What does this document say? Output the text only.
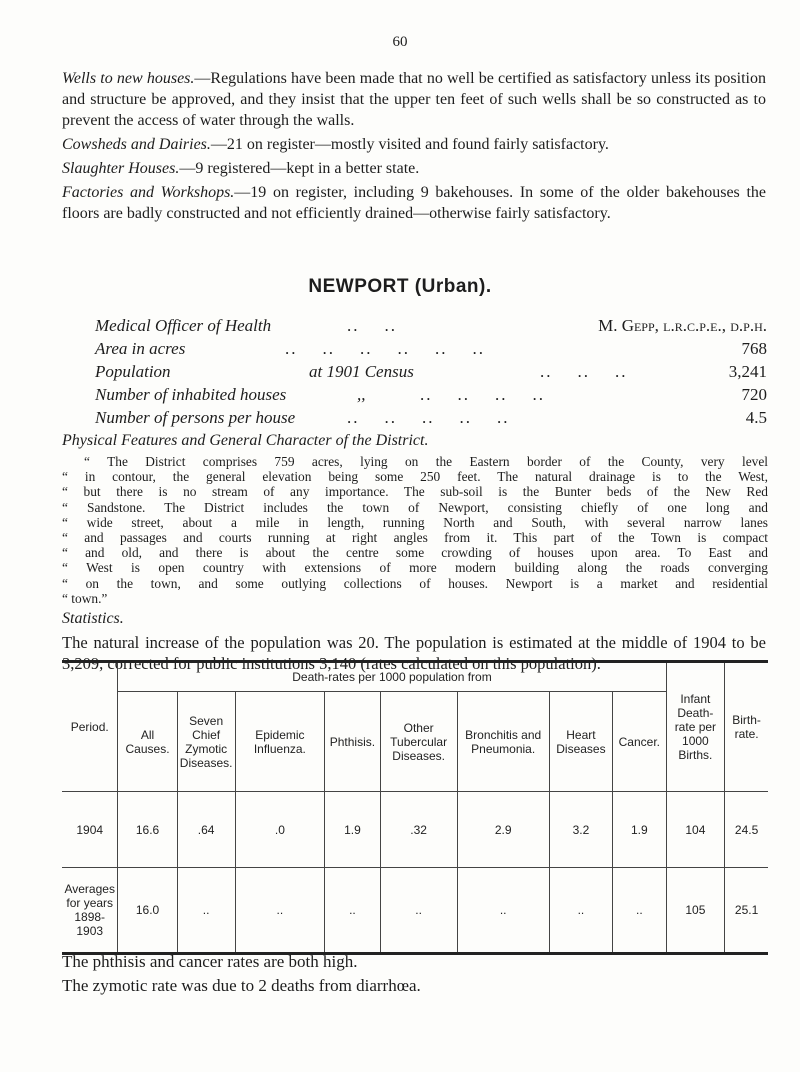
60
Wells to new houses.—Regulations have been made that no well be certified as satisfactory unless its position and structure be approved, and they insist that the upper ten feet of such wells shall be so constructed as to prevent the access of water through the walls.
Cowsheds and Dairies.—21 on register—mostly visited and found fairly satisfactory.
Slaughter Houses.—9 registered—kept in a better state.
Factories and Workshops.—19 on register, including 9 bakehouses. In some of the older bakehouses the floors are badly constructed and not efficiently drained—otherwise fairly satisfactory.
NEWPORT (Urban).
Medical Officer of Health	..    ..	M. Gepp, l.r.c.p.e., d.p.h.
Area in acres	..    ..    ..    ..    ..    ..	768
Population	at 1901 Census	..    ..    ..	3,241
Number of inhabited houses	,,	..    ..    ..    ..	720
Number of persons per house	..    ..    ..    ..    ..	4.5
Physical Features and General Character of the District.
“ The District comprises 759 acres, lying on the Eastern border of the County, very level
“ in contour, the general elevation being some 250 feet. The natural drainage is to the West,
“ but there is no stream of any importance. The sub-soil is the Bunter beds of the New Red
“ Sandstone. The District includes the town of Newport, consisting chiefly of one long and
“ wide street, about a mile in length, running North and South, with several narrow lanes
“ and passages and courts running at right angles from it. This part of the Town is compact
“ and old, and there is about the centre some crowding of houses upon area. To East and
“ West is open country with extensions of more modern building along the roads converging
“ on the town, and some outlying collections of houses. Newport is a market and residential
“ town.”
Statistics.
The natural increase of the population was 20. The population is estimated at the middle of 1904 to be 3,209, corrected for public institutions 3,140 (rates calculated on this population).
Period.	Death-rates per 1000 population from								Infant Death-rate per 1000 Births.	Birth-rate.
	All Causes.	Seven Chief Zymotic Diseases.	Epidemic Influenza.	Phthisis.	Other Tubercular Diseases.	Bronchitis and Pneumonia.	Heart Diseases	Cancer.		
1904	16.6	.64	.0	1.9	.32	2.9	3.2	1.9	104	24.5
Averages for years 1898-1903	16.0	..	..	..	..	..	..	..	105	25.1
The phthisis and cancer rates are both high.
The zymotic rate was due to 2 deaths from diarrhœa.
